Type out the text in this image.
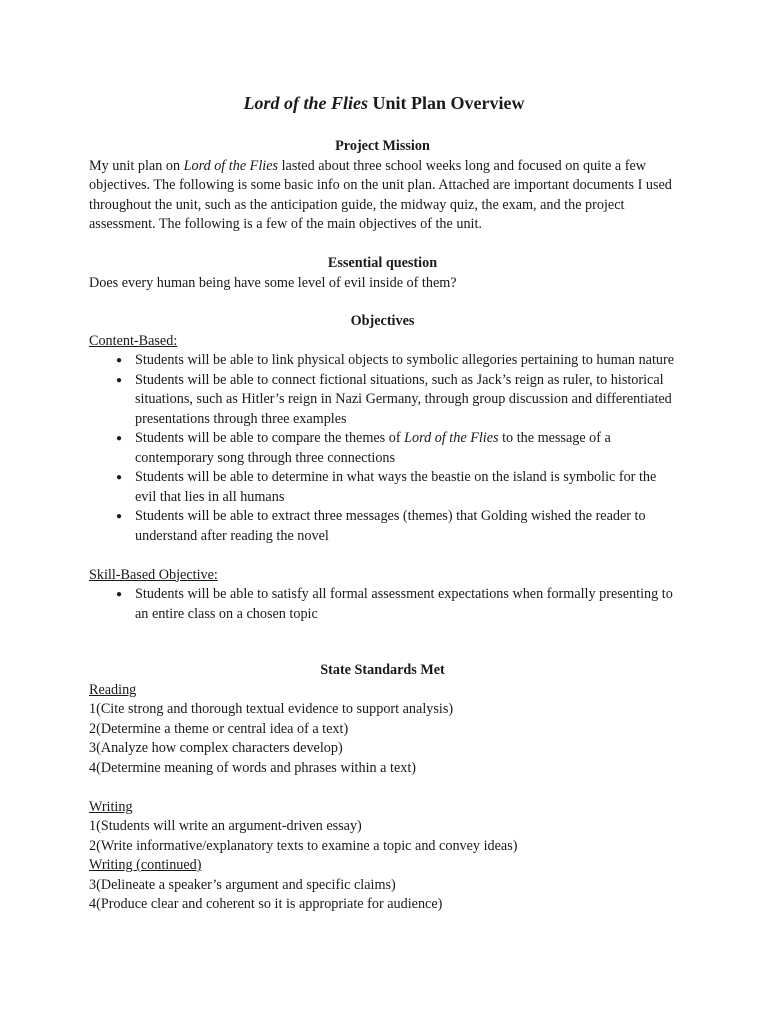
Lord of the Flies Unit Plan Overview
Project Mission

My unit plan on Lord of the Flies lasted about three school weeks long and focused on quite a few objectives. The following is some basic info on the unit plan. Attached are important documents I used throughout the unit, such as the anticipation guide, the midway quiz, the exam, and the project assessment. The following is a few of the main objectives of the unit.

Essential question

Does every human being have some level of evil inside of them?

Objectives
Content-Based:
● Students will be able to link physical objects to symbolic allegories pertaining to human nature
● Students will be able to connect fictional situations, such as Jack’s reign as ruler, to historical situations, such as Hitler’s reign in Nazi Germany, through group discussion and differentiated presentations through three examples
● Students will be able to compare the themes of Lord of the Flies to the message of a contemporary song through three connections
● Students will be able to determine in what ways the beastie on the island is symbolic for the evil that lies in all humans
● Students will be able to extract three messages (themes) that Golding wished the reader to understand after reading the novel
Skill-Based Objective:
● Students will be able to satisfy all formal assessment expectations when formally presenting to an entire class on a chosen topic
State Standards Met
Reading

1(Cite strong and thorough textual evidence to support analysis)

2(Determine a theme or central idea of a text)

3(Analyze how complex characters develop)

4(Determine meaning of words and phrases within a text)

Writing

1(Students will write an argument-driven essay)

2(Write informative/explanatory texts to examine a topic and convey ideas)

Writing (continued)

3(Delineate a speaker’s argument and specific claims)

4(Produce clear and coherent so it is appropriate for audience)
